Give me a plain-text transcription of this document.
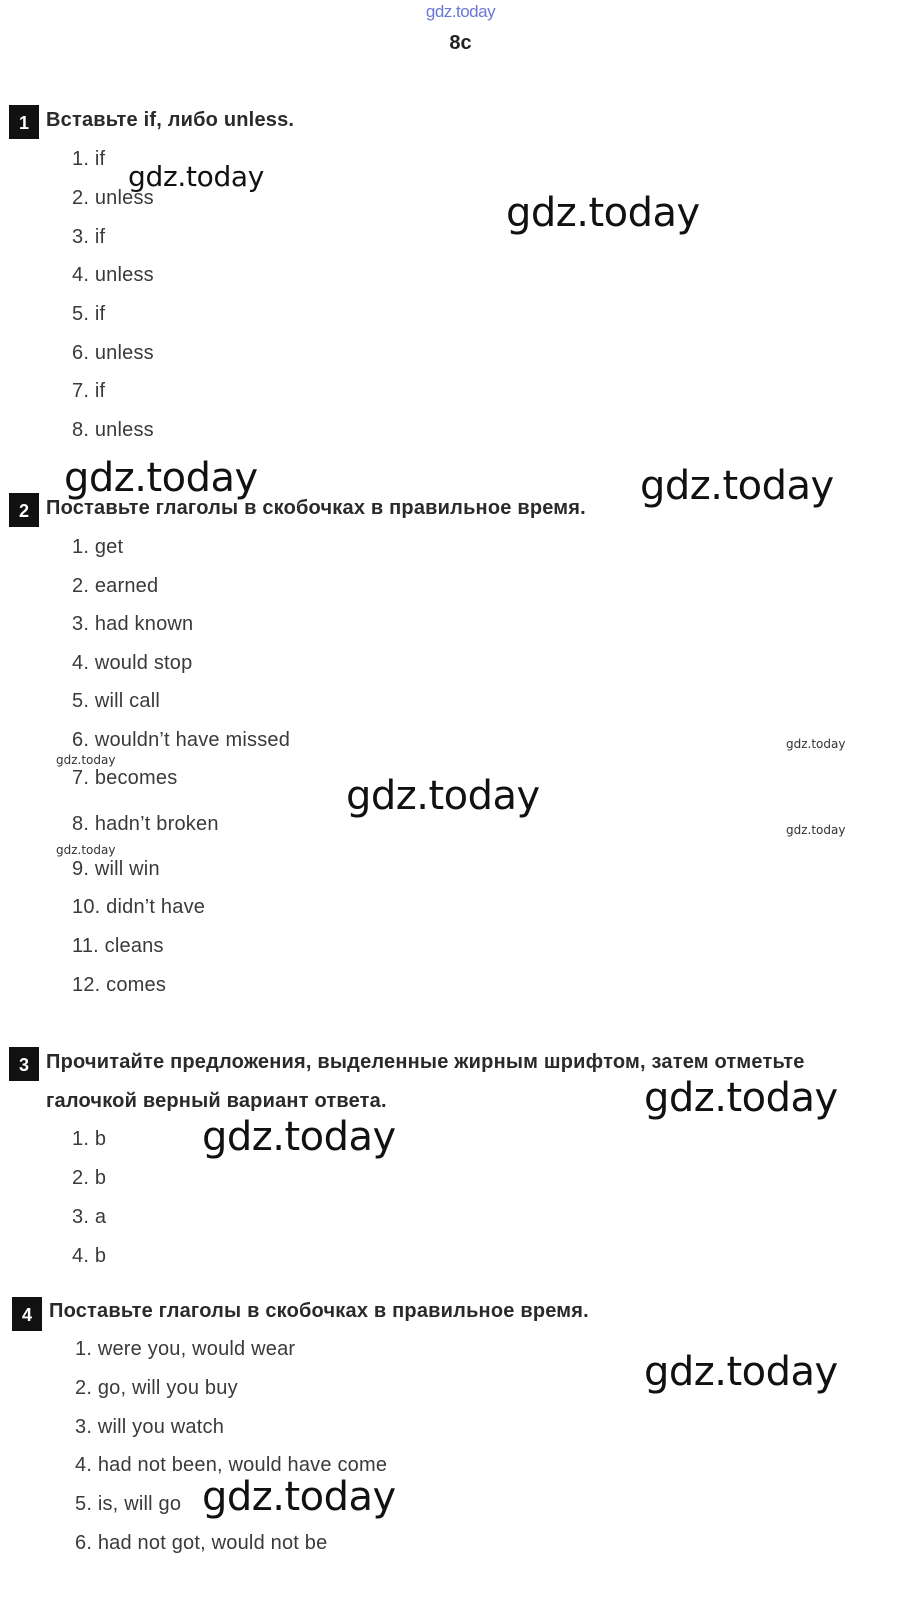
gdz.today
8c
1 Вставьте if, либо unless.
1. if
2. unless
3. if
4. unless
5. if
6. unless
7. if
8. unless
2 Поставьте глаголы в скобочках в правильное время.
1. get
2. earned
3. had known
4. would stop
5. will call
6. wouldn’t have missed
7. becomes
8. hadn’t broken
9. will win
10. didn’t have
11. cleans
12. comes
3 Прочитайте предложения, выделенные жирным шрифтом, затем отметьте
галочкой верный вариант ответа.
1. b
2. b
3. a
4. b
4 Поставьте глаголы в скобочках в правильное время.
1. were you, would wear
2. go, will you buy
3. will you watch
4. had not been, would have come
5. is, will go
6. had not got, would not be
gdz.today
gdz.today
gdz.today	gdz.today
gdz.today
gdz.today
gdz.today
gdz.today
gdz.today
gdz.today
gdz.today
gdz.today
gdz.today
